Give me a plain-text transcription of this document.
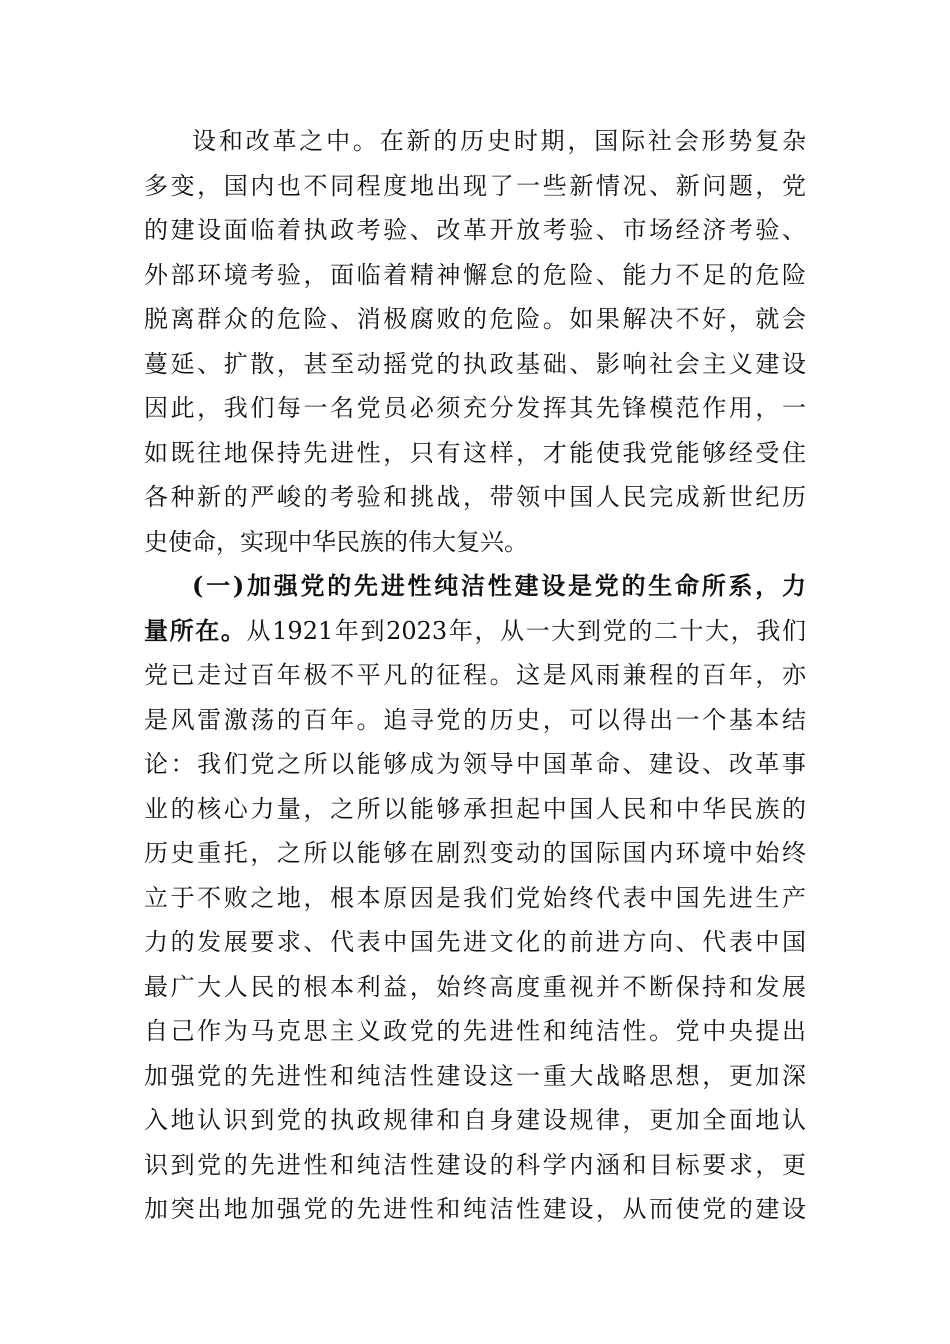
设和改革之中。在新的历史时期，国际社会形势复杂
多变，国内也不同程度地出现了一些新情况、新问题，党
的建设面临着执政考验、改革开放考验、市场经济考验、
外部环境考验，面临着精神懈怠的危险、能力不足的危险
脱离群众的危险、消极腐败的危险。如果解决不好，就会
蔓延、扩散，甚至动摇党的执政基础、影响社会主义建设
因此，我们每一名党员必须充分发挥其先锋模范作用，一
如既往地保持先进性，只有这样，才能使我党能够经受住
各种新的严峻的考验和挑战，带领中国人民完成新世纪历
史使命，实现中华民族的伟大复兴。
(一)加强党的先进性纯洁性建设是党的生命所系，力
量所在。从1921年到2023年，从一大到党的二十大，我们
党已走过百年极不平凡的征程。这是风雨兼程的百年，亦
是风雷激荡的百年。追寻党的历史，可以得出一个基本结
论：我们党之所以能够成为领导中国革命、建设、改革事
业的核心力量，之所以能够承担起中国人民和中华民族的
历史重托，之所以能够在剧烈变动的国际国内环境中始终
立于不败之地，根本原因是我们党始终代表中国先进生产
力的发展要求、代表中国先进文化的前进方向、代表中国
最广大人民的根本利益，始终高度重视并不断保持和发展
自己作为马克思主义政党的先进性和纯洁性。党中央提出
加强党的先进性和纯洁性建设这一重大战略思想，更加深
入地认识到党的执政规律和自身建设规律，更加全面地认
识到党的先进性和纯洁性建设的科学内涵和目标要求，更
加突出地加强党的先进性和纯洁性建设，从而使党的建设
